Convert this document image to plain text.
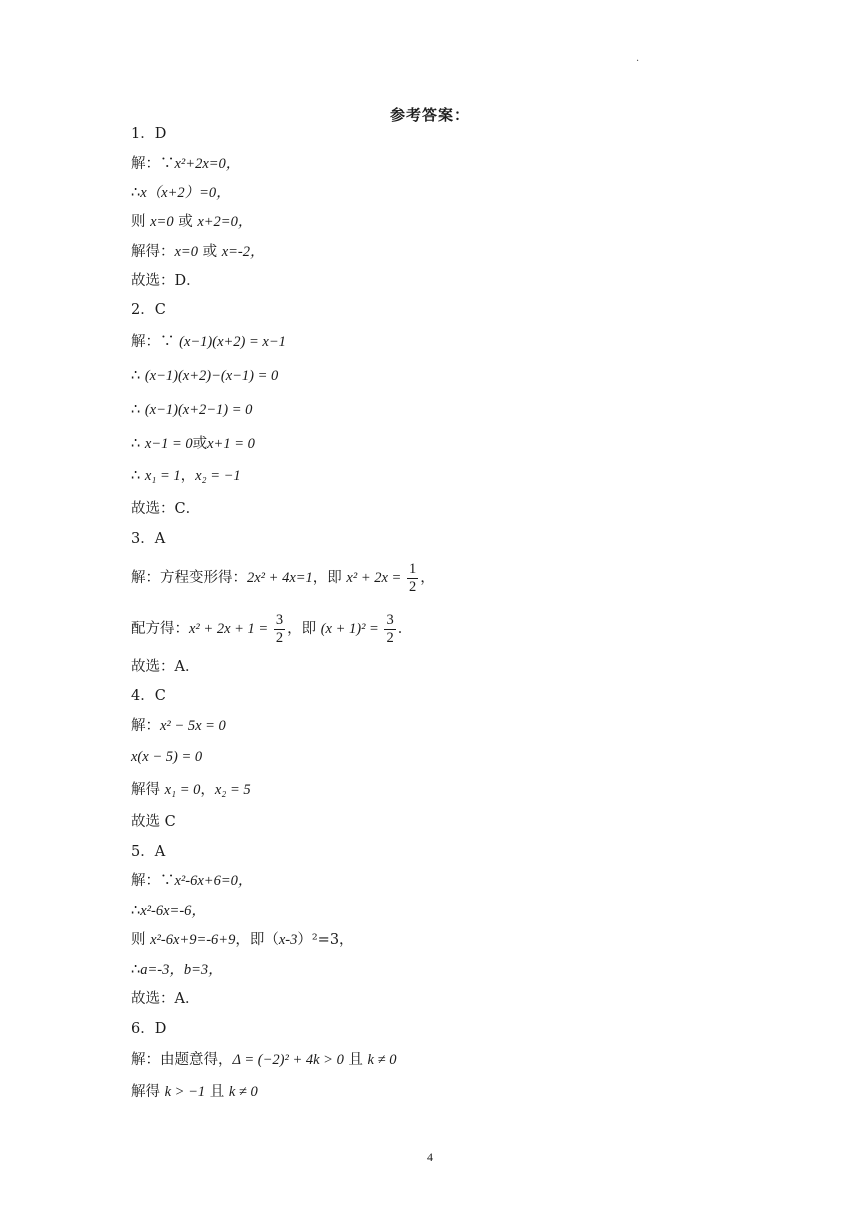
·
参考答案：
1．D
解：∵x²+2x=0，
∴x（x+2）=0，
则 x=0 或 x+2=0，
解得：x=0 或 x=-2，
故选：D．
2．C
解：∵ (x−1)(x+2) = x−1
∴ (x−1)(x+2)−(x−1) = 0
∴ (x−1)(x+2−1) = 0
∴ x−1 = 0或x+1 = 0
∴ x₁ = 1，x₂ = −1
故选：C．
3．A
解：方程变形得：2x² + 4x=1，即 $x^2 + 2x = \frac{1}{2}$ ，
配方得：$x^2 + 2x + 1 = \frac{3}{2}$ ，即 $(x + 1)^2 = \frac{3}{2}$ ．
故选：A．
4．C
解：x² − 5x = 0
x(x − 5) = 0
解得 x₁ = 0，x₂ = 5
故选 C
5．A
解：∵x²-6x+6=0，
∴x²-6x=-6，
则 x²-6x+9=-6+9，即（x-3）²=3，
∴a=-3，b=3，
故选：A．
6．D
解：由题意得，Δ = (−2)² + 4k > 0 且 k ≠ 0
解得 k > −1 且 k ≠ 0
4
